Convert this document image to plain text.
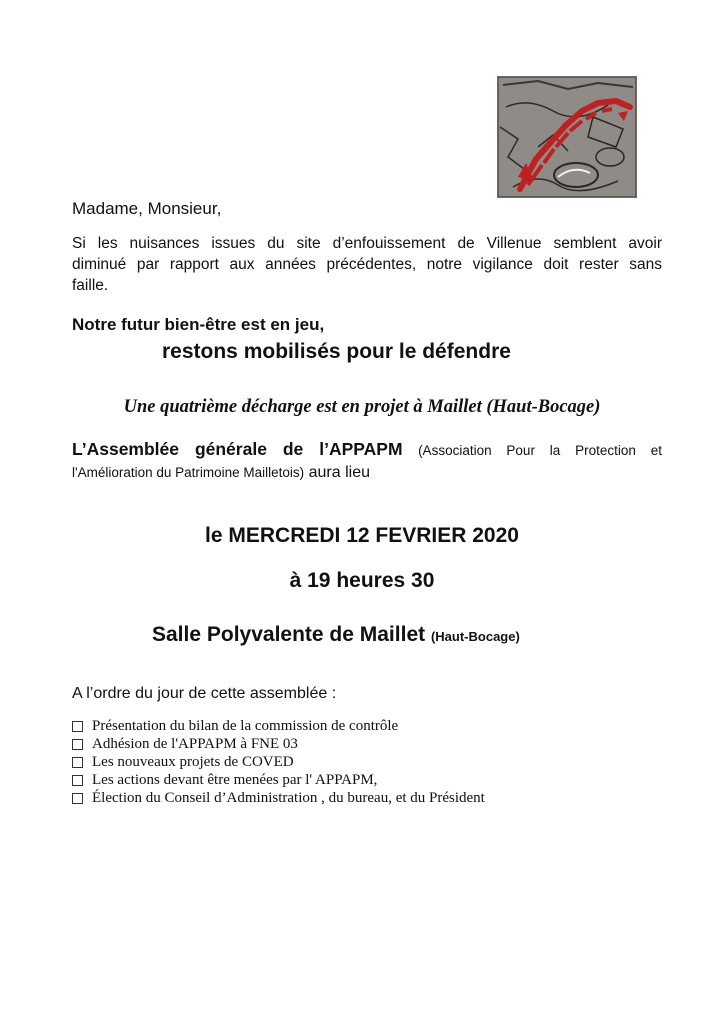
Madame, Monsieur,

Si les nuisances issues du site d’enfouissement de Villenue semblent avoir
diminué par rapport aux années précédentes, notre vigilance doit rester sans
faille.

Notre futur bien-être est en jeu,

restons mobilisés pour le défendre

Une quatrième décharge est en projet à Maillet (Haut-Bocage)

L’Assemblée générale de l’APPAPM (Association Pour la Protection et
l'Amélioration du Patrimoine Mailletois) aura lieu

le MERCREDI 12 FEVRIER 2020

à 19 heures 30

Salle Polyvalente de Maillet (Haut-Bocage)

A l’ordre du jour de cette assemblée :

Présentation du bilan de la commission de contrôle
Adhésion de l'APPAPM à FNE 03
Les nouveaux projets de COVED
Les actions devant être menées par l' APPAPM,
Élection du Conseil d’Administration , du bureau, et du Président
